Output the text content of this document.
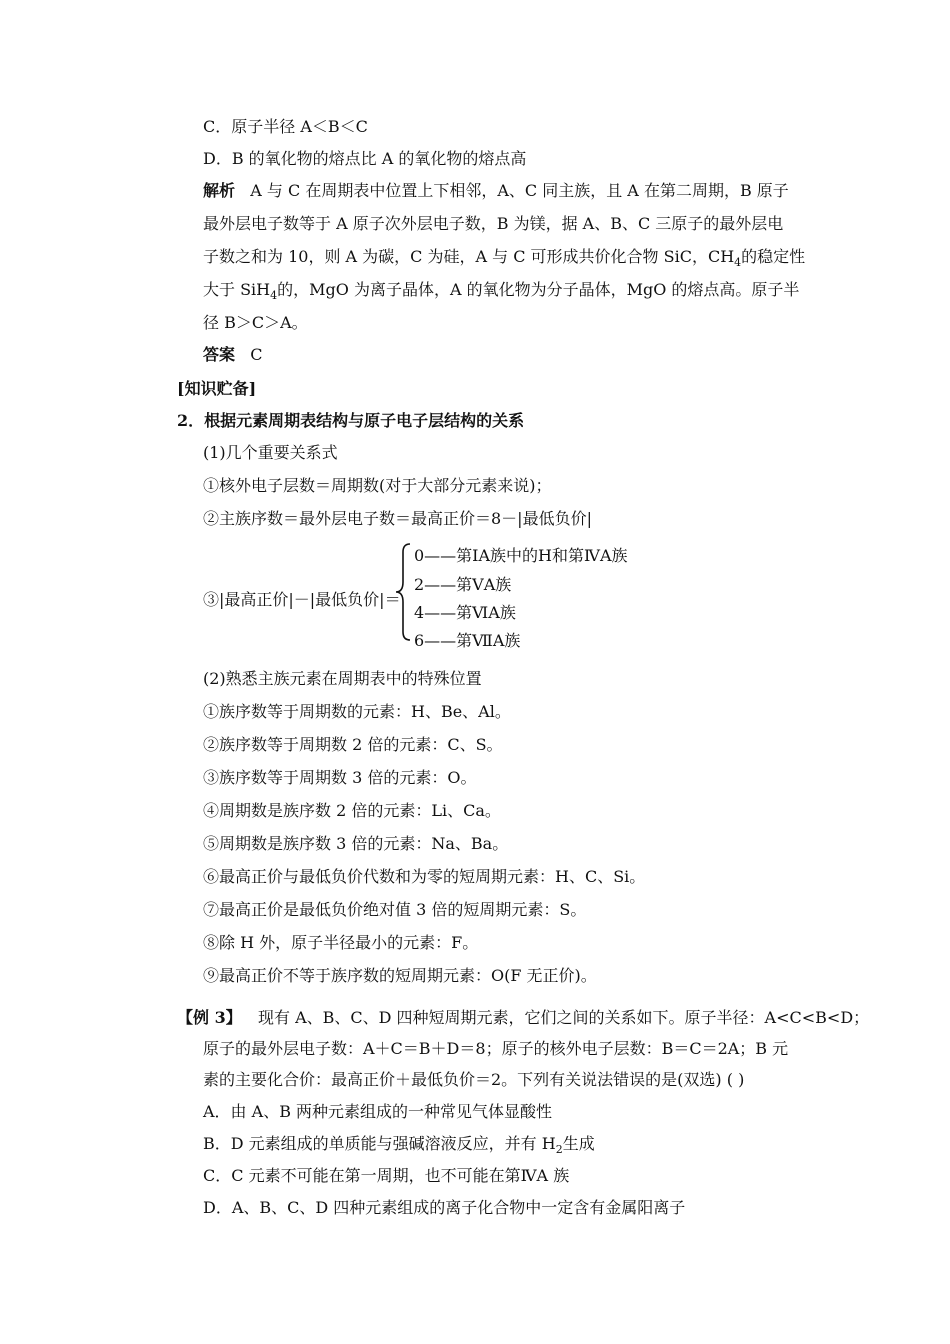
C．原子半径 A＜B＜C
D．B 的氧化物的熔点比 A 的氧化物的熔点高
解析 A 与 C 在周期表中位置上下相邻，A、C 同主族，且 A 在第二周期，B 原子
最外层电子数等于 A 原子次外层电子数，B 为镁，据 A、B、C 三原子的最外层电
子数之和为 10，则 A 为碳，C 为硅，A 与 C 可形成共价化合物 SiC，$CH_4$的稳定性
大于 SiH$_4$的，MgO 为离子晶体，A 的氧化物为分子晶体，MgO 的熔点高。原子半
径 B＞C＞A。
答案 C
[知识贮备]
2．根据元素周期表结构与原子电子层结构的关系
(1)几个重要关系式
①核外电子层数＝周期数(对于大部分元素来说)；
②主族序数＝最外层电子数＝最高正价＝8－|最低负价|
③|最高正价|－|最低负价|＝
0——第ⅠA族中的H和第ⅣA族
2——第ⅤA族
4——第ⅥA族
6——第ⅦA族
(2)熟悉主族元素在周期表中的特殊位置
①族序数等于周期数的元素：H、Be、Al。
②族序数等于周期数 2 倍的元素：C、S。
③族序数等于周期数 3 倍的元素：O。
④周期数是族序数 2 倍的元素：Li、Ca。
⑤周期数是族序数 3 倍的元素：Na、Ba。
⑥最高正价与最低负价代数和为零的短周期元素：H、C、Si。
⑦最高正价是最低负价绝对值 3 倍的短周期元素：S。
⑧除 H 外，原子半径最小的元素：F。
⑨最高正价不等于族序数的短周期元素：O(F 无正价)。
【例 3】 现有 A、B、C、D 四种短周期元素，它们之间的关系如下。原子半径：A<C<B<D；
原子的最外层电子数：A＋C＝B＋D＝8；原子的核外电子层数：B＝C＝2A；B 元
素的主要化合价：最高正价＋最低负价＝2。下列有关说法错误的是(双选) ( )
A．由 A、B 两种元素组成的一种常见气体显酸性
B．D 元素组成的单质能与强碱溶液反应，并有 $H_2$生成
C．C 元素不可能在第一周期，也不可能在第ⅣA 族
D．A、B、C、D 四种元素组成的离子化合物中一定含有金属阳离子
